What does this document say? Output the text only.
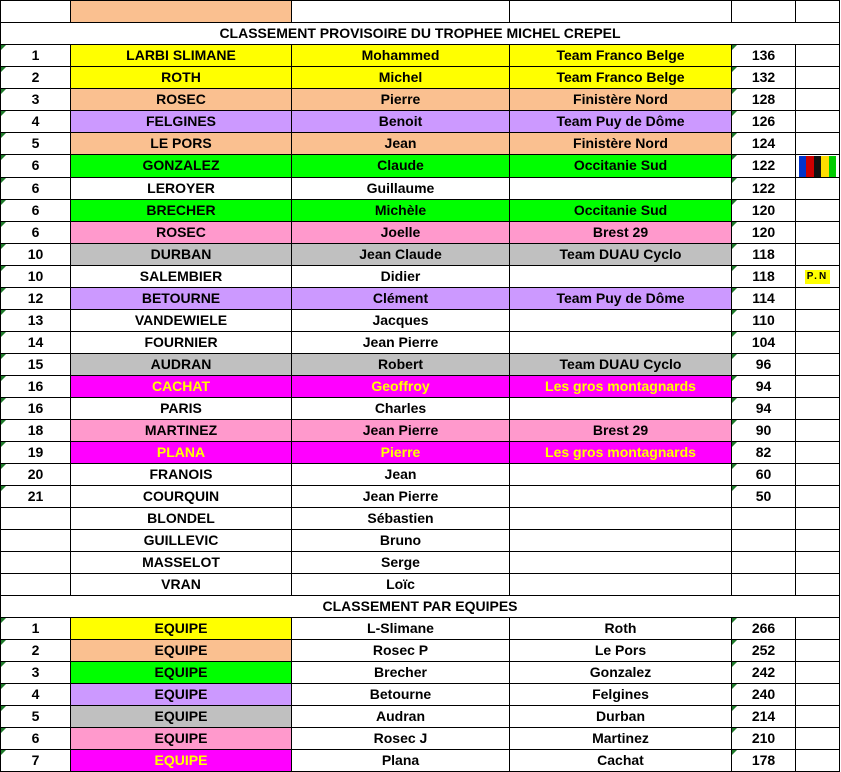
CLASSEMENT PROVISOIRE DU TROPHEE MICHEL CREPEL					
1	LARBI SLIMANE	Mohammed	Team Franco Belge	136	
2	ROTH	Michel	Team Franco Belge	132	
3	ROSEC	Pierre	Finistère Nord	128	
4	FELGINES	Benoit	Team Puy de Dôme	126	
5	LE PORS	Jean	Finistère Nord	124	
6	GONZALEZ	Claude	Occitanie Sud	122	

6	LEROYER	Guillaume		122	
6	BRECHER	Michèle	Occitanie Sud	120	
6	ROSEC	Joelle	Brest 29	120	
10	DURBAN	Jean Claude	Team DUAU Cyclo	118	
10	SALEMBIER	Didier		118	P.N
12	BETOURNE	Clément	Team Puy de Dôme	114	
13	VANDEWIELE	Jacques		110	
14	FOURNIER	Jean Pierre		104	
15	AUDRAN	Robert	Team DUAU Cyclo	96	
16	CACHAT	Geoffroy	Les gros montagnards	94	
16	PARIS	Charles		94	
18	MARTINEZ	Jean Pierre	Brest 29	90	
19	PLANA	Pierre	Les gros montagnards	82	
20	FRANOIS	Jean		60	
21	COURQUIN	Jean Pierre		50	
	BLONDEL	Sébastien			
	GUILLEVIC	Bruno			
	MASSELOT	Serge			
	VRAN	Loïc			
CLASSEMENT PAR EQUIPES					
1	EQUIPE	L-Slimane	Roth	266	
2	EQUIPE	Rosec P	Le Pors	252	
3	EQUIPE	Brecher	Gonzalez	242	
4	EQUIPE	Betourne	Felgines	240	
5	EQUIPE	Audran	Durban	214	
6	EQUIPE	Rosec J	Martinez	210	
7	EQUIPE	Plana	Cachat	178	
